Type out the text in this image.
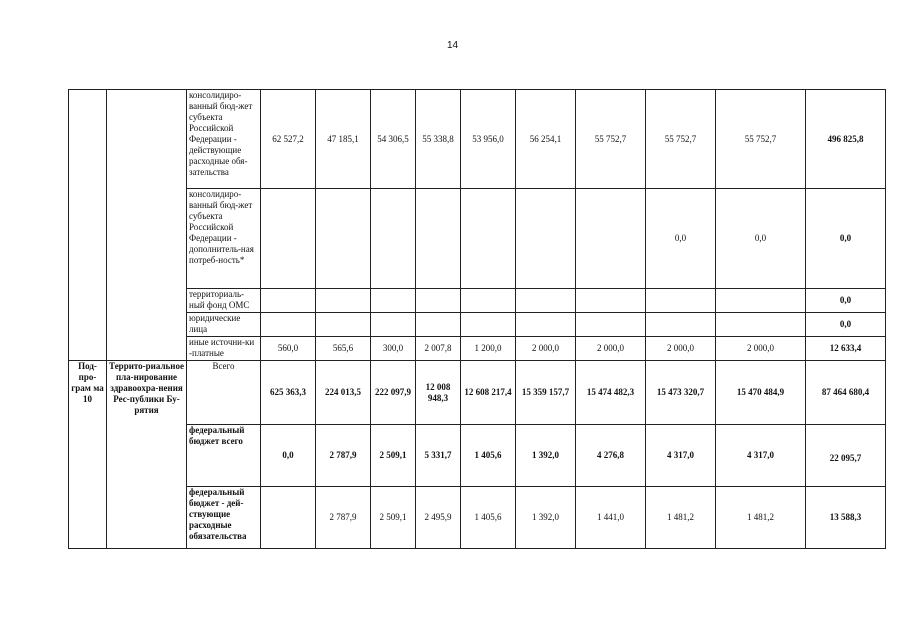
14
		консолидиро-ванный бюд-жет субъекта Российской Федерации - действующие расходные обя-зательства	62 527,2	47 185,1	54 306,5	55 338,8	53 956,0	56 254,1	55 752,7	55 752,7	55 752,7	496 825,8
		консолидиро-ванный бюд-жет субъекта Российской Федерации - дополнитель-ная потреб-ность*								0,0	0,0	0,0
		территориаль-ный фонд ОМС										0,0
		юридические лица										0,0
		иные источни-ки -платные	560,0	565,6	300,0	2 007,8	1 200,0	2 000,0	2 000,0	2 000,0	2 000,0	12 633,4
Под-про-грам ма 10	Террито-риальное пла-нирование здравоохра-нения Рес-публики Бу-рятия	Всего	625 363,3	224 013,5	222 097,9	12 008 948,3	12 608 217,4	15 359 157,7	15 474 482,3	15 473 320,7	15 470 484,9	87 464 680,4
		федеральный бюджет всего	0,0	2 787,9	2 509,1	5 331,7	1 405,6	1 392,0	4 276,8	4 317,0	4 317,0	22 095,7
		федеральный бюджет - дей-ствующие расходные обязательства		2 787,9	2 509,1	2 495,9	1 405,6	1 392,0	1 441,0	1 481,2	1 481,2	13 588,3
